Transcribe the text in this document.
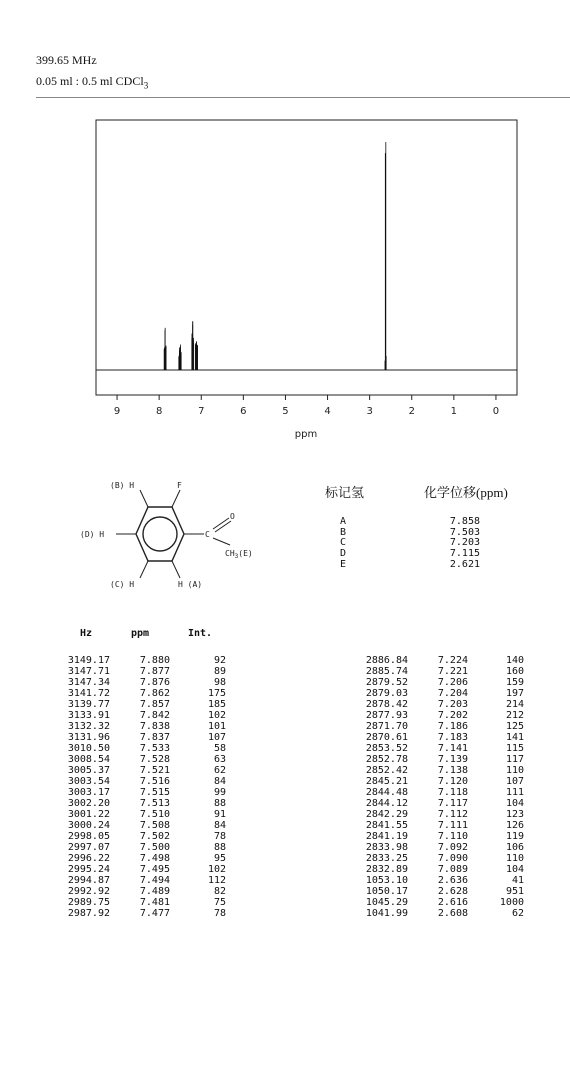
399.65 MHz
0.05 ml : 0.5 ml CDCl$_3$
9	8	7	6	5	4	3	2	1	0
ppm
(B) H	F
(D) H
(C) H	H (A)
C
O
$CH_3(E)$
标记氢	化学位移(ppm)
A	7.858
B	7.503
C	7.203
D	7.115
E	2.621
Hz	ppm	Int.
3149.17	7.880	92
3147.71	7.877	89
3147.34	7.876	98
3141.72	7.862	175
3139.77	7.857	185
3133.91	7.842	102
3132.32	7.838	101
3131.96	7.837	107
3010.50	7.533	58
3008.54	7.528	63
3005.37	7.521	62
3003.54	7.516	84
3003.17	7.515	99
3002.20	7.513	88
3001.22	7.510	91
3000.24	7.508	84
2998.05	7.502	78
2997.07	7.500	88
2996.22	7.498	95
2995.24	7.495	102
2994.87	7.494	112
2992.92	7.489	82
2989.75	7.481	75
2987.92	7.477	78
2886.84	7.224	140
2885.74	7.221	160
2879.52	7.206	159
2879.03	7.204	197
2878.42	7.203	214
2877.93	7.202	212
2871.70	7.186	125
2870.61	7.183	141
2853.52	7.141	115
2852.78	7.139	117
2852.42	7.138	110
2845.21	7.120	107
2844.48	7.118	111
2844.12	7.117	104
2842.29	7.112	123
2841.55	7.111	126
2841.19	7.110	119
2833.98	7.092	106
2833.25	7.090	110
2832.89	7.089	104
1053.10	2.636	41
1050.17	2.628	951
1045.29	2.616	1000
1041.99	2.608	62
